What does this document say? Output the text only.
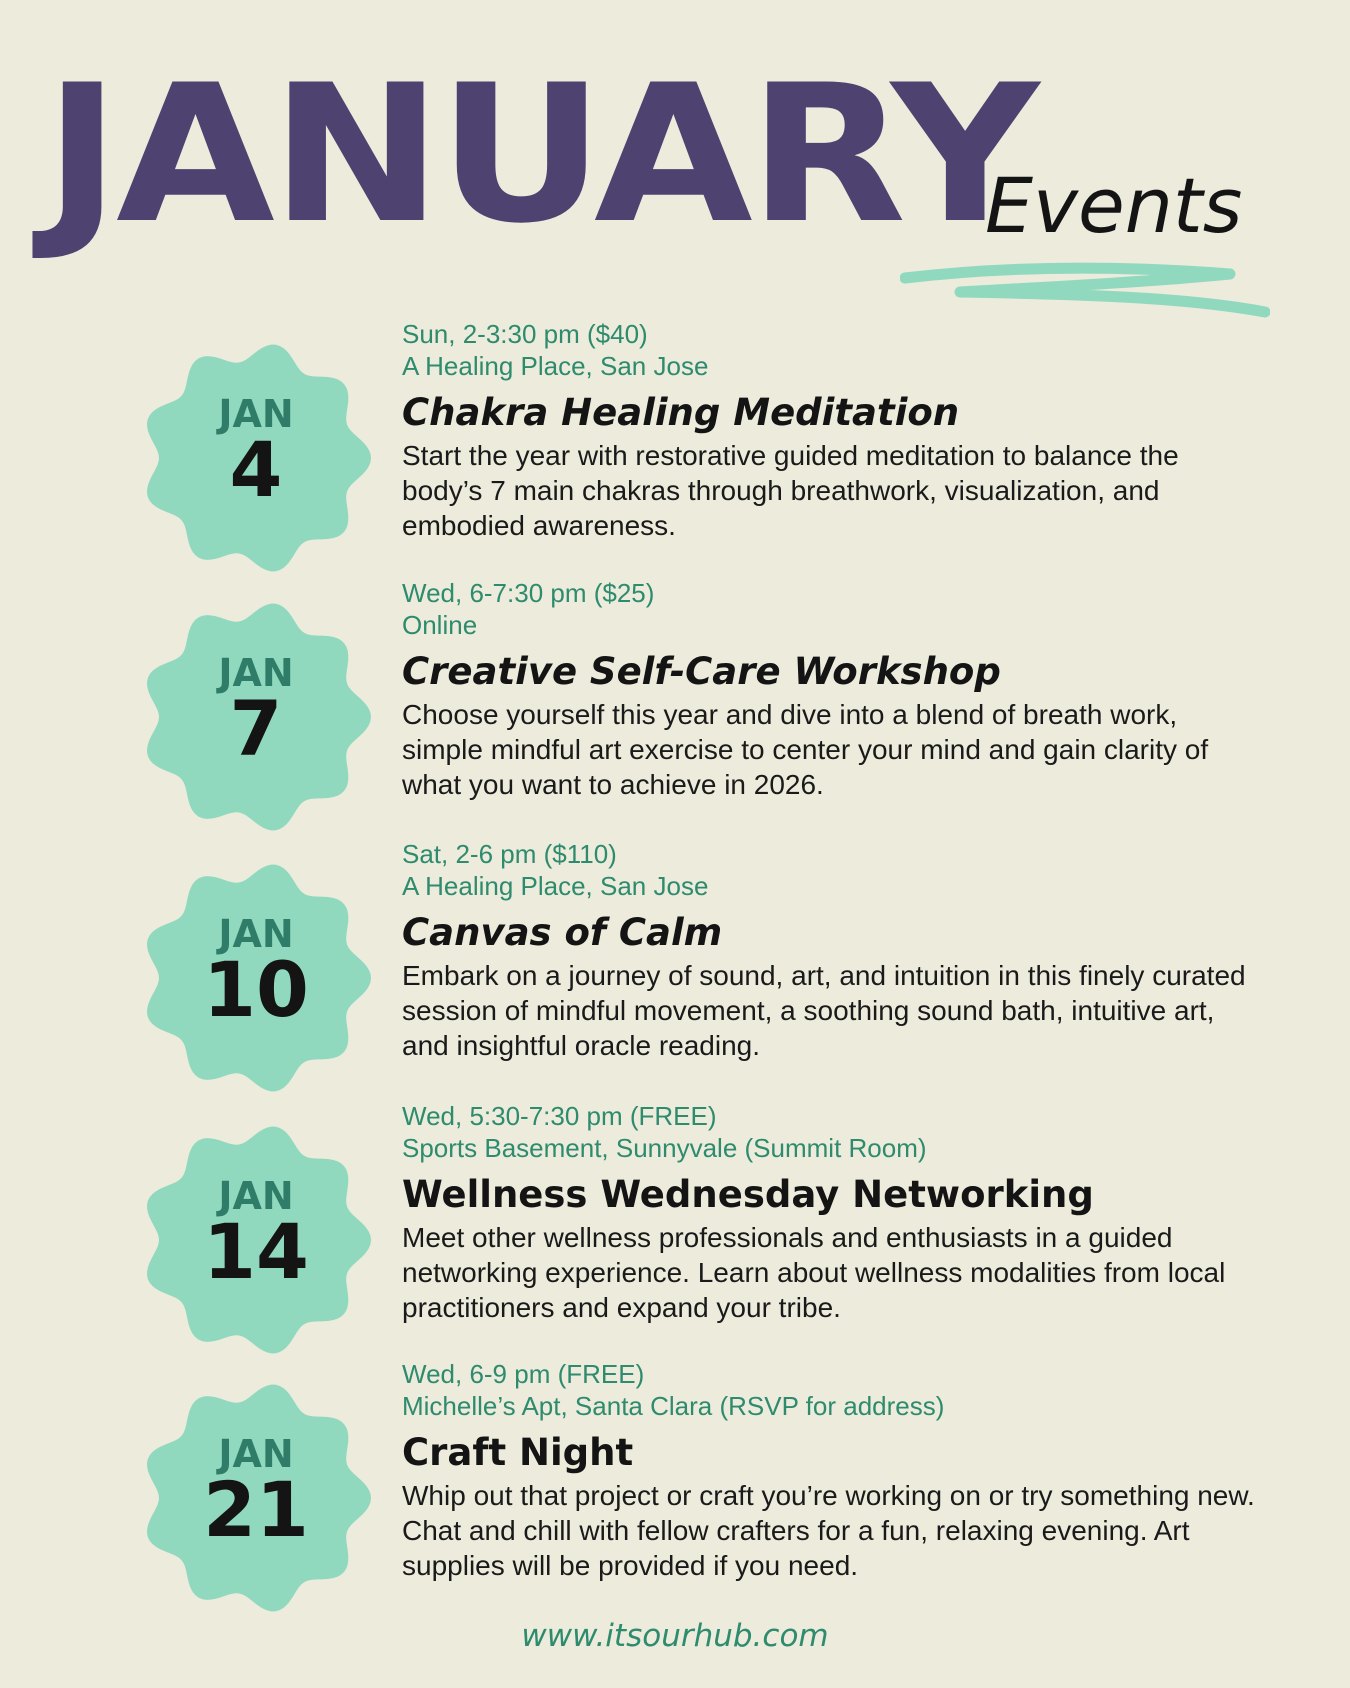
JANUARY
Events
JAN
4

Sun, 2-3:30 pm ($40)

A Healing Place, San Jose

Chakra Healing Meditation

Start the year with restorative guided meditation to balance the body’s 7 main chakras through breathwork, visualization, and embodied awareness.

JAN
7

Wed, 6-7:30 pm ($25)

Online

Creative Self-Care Workshop

Choose yourself this year and dive into a blend of breath work, simple mindful art exercise to center your mind and gain clarity of what you want to achieve in 2026.

JAN
10

Sat, 2-6 pm ($110)

A Healing Place, San Jose

Canvas of Calm

Embark on a journey of sound, art, and intuition in this finely curated session of mindful movement, a soothing sound bath, intuitive art, and insightful oracle reading.

JAN
14

Wed, 5:30-7:30 pm (FREE)

Sports Basement, Sunnyvale (Summit Room)

Wellness Wednesday Networking

Meet other wellness professionals and enthusiasts in a guided networking experience. Learn about wellness modalities from local practitioners and expand your tribe.

JAN
21

Wed, 6-9 pm (FREE)

Michelle’s Apt, Santa Clara (RSVP for address)

Craft Night

Whip out that project or craft you’re working on or try something new. Chat and chill with fellow crafters for a fun, relaxing evening. Art supplies will be provided if you need.

www.itsourhub.com
